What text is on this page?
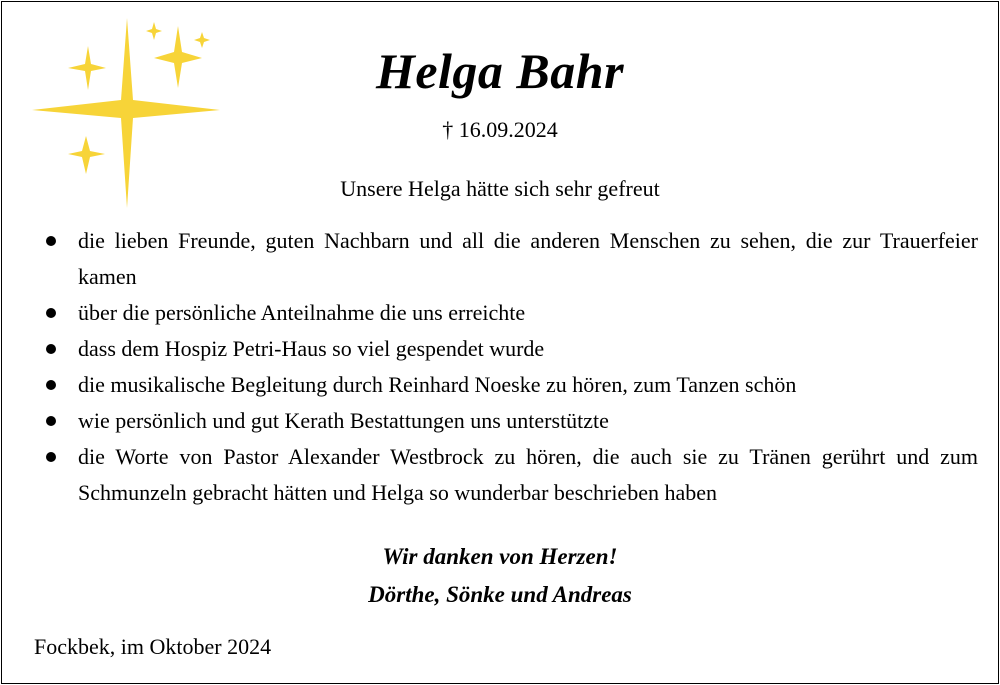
Helga Bahr
† 16.09.2024
Unsere Helga hätte sich sehr gefreut
die lieben Freunde, guten Nachbarn und all die anderen Menschen zu sehen, die zur Trauerfeier kamen
über die persönliche Anteilnahme die uns erreichte
dass dem Hospiz Petri-Haus so viel gespendet wurde
die musikalische Begleitung durch Reinhard Noeske zu hören, zum Tanzen schön
wie persönlich und gut Kerath Bestattungen uns unterstützte
die Worte von Pastor Alexander Westbrock zu hören, die auch sie zu Tränen gerührt und zum Schmunzeln gebracht hätten und Helga so wunderbar beschrieben haben
Wir danken von Herzen!
Dörthe, Sönke und Andreas
Fockbek, im Oktober 2024
